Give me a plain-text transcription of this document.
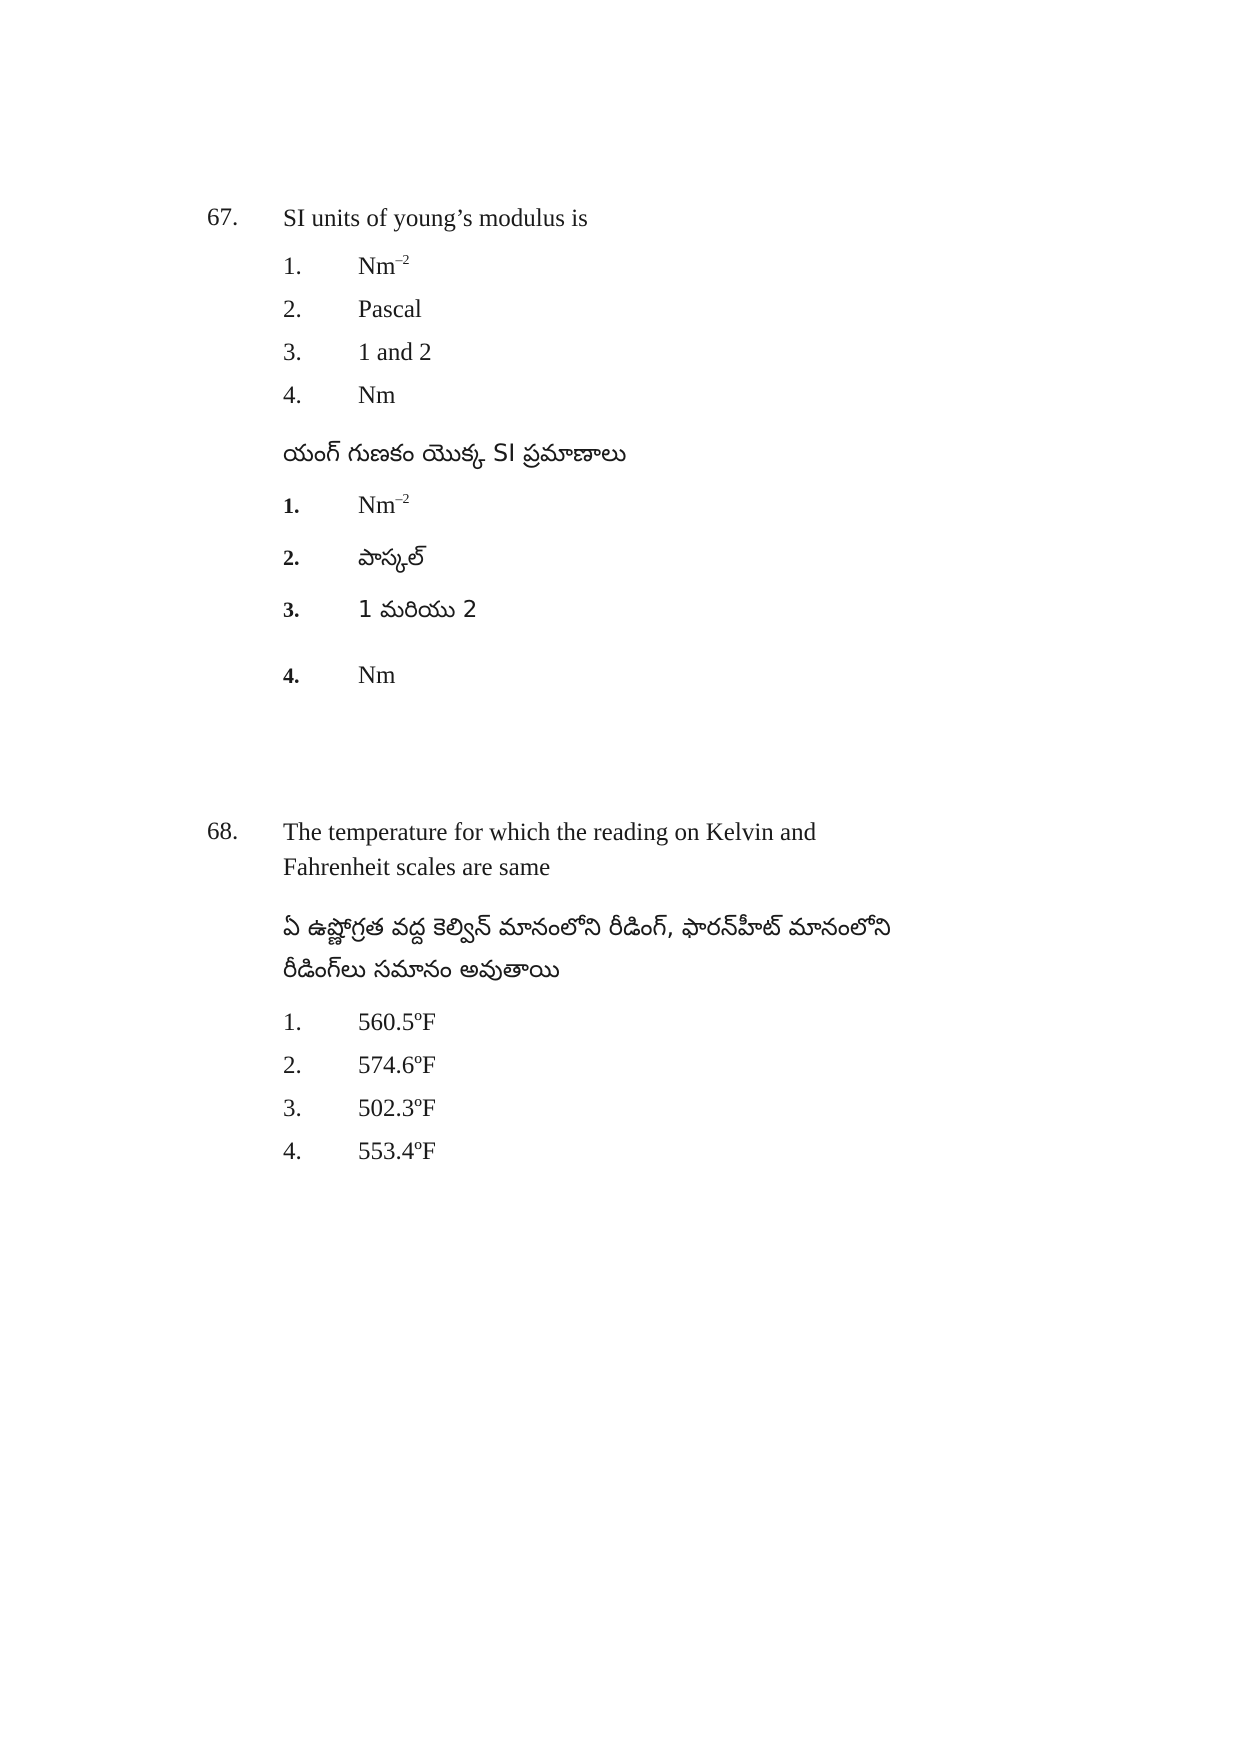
67. SI units of young’s modulus is
1. $Nm^{-2}$
2. Pascal
3. 1 and 2
4. Nm
యంగ్ గుణకం యొక్క SI ప్రమాణాలు
1. $Nm^{-2}$
2.	పాస్కల్
3.	1 మరియు 2
4. Nm
68. The temperature for which the reading on Kelvin and Fahrenheit scales are same
ఏ ఉష్ణోగ్రత వద్ద కెల్విన్ మానంలోని రీడింగ్, ఫారన్‌హీట్ మానంలోని రీడింగ్‌లు సమానం అవుతాయి
1. 560.5ºF
2. 574.6ºF
3. 502.3ºF
4. 553.4ºF
